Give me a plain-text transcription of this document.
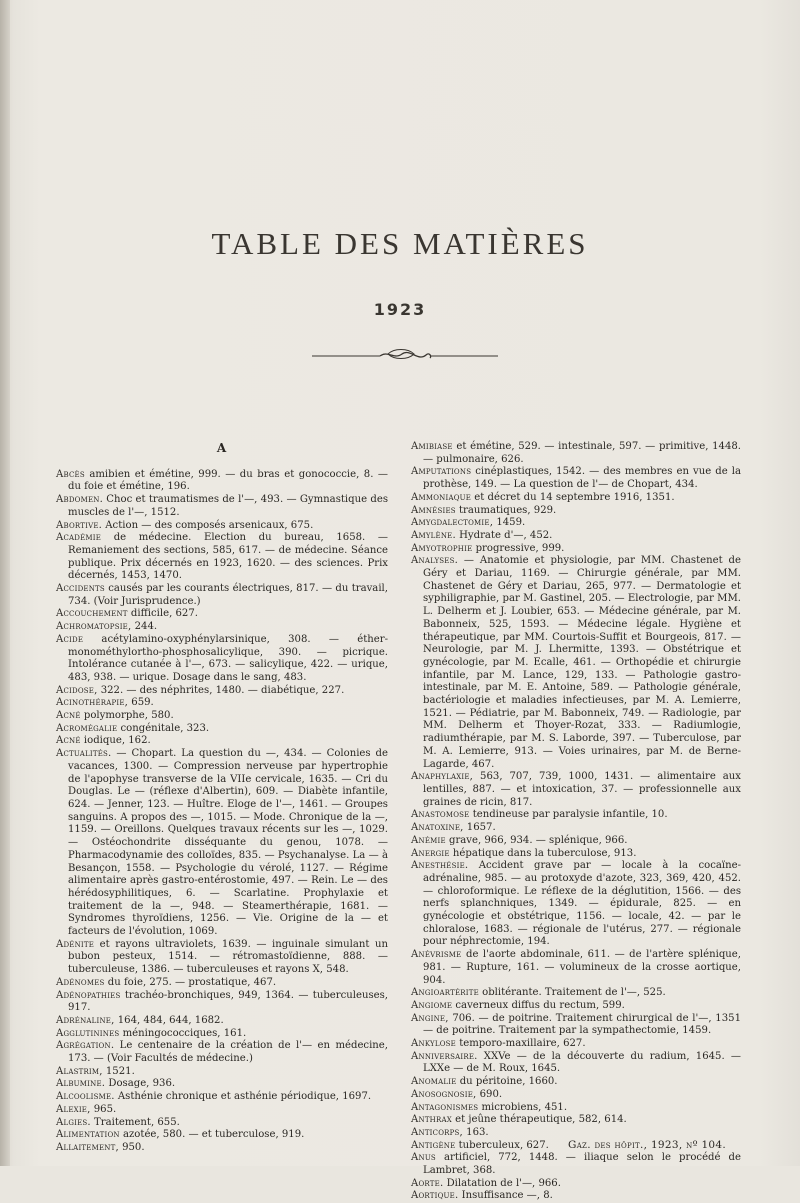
TABLE DES MATIÈRES
1923
A

Abcès amibien et émétine, 999. — du bras et gonococcie, 8. — du foie et émétine, 196.

Abdomen. Choc et traumatismes de l'—, 493. — Gymnastique des muscles de l'—, 1512.

Abortive. Action — des composés arsenicaux, 675.

Académie de médecine. Election du bureau, 1658. — Remaniement des sections, 585, 617. — de médecine. Séance publique. Prix décernés en 1923, 1620. — des sciences. Prix décernés, 1453, 1470.

Accidents causés par les courants électriques, 817. — du travail, 734. (Voir Jurisprudence.)

Accouchement difficile, 627.

Achromatopsie, 244.

Acide acétylamino-oxyphénylarsinique, 308. — éther-monométhylortho-phosphosalicylique, 390. — picrique. Intolérance cutanée à l'—, 673. — salicylique, 422. — urique, 483, 938. — urique. Dosage dans le sang, 483.

Acidose, 322. — des néphrites, 1480. — diabétique, 227.

Acinothérapie, 659.

Acné polymorphe, 580.

Acromégalie congénitale, 323.

Acné iodique, 162.

Actualités. — Chopart. La question du —, 434. — Colonies de vacances, 1300. — Compression nerveuse par hypertrophie de l'apophyse transverse de la VIIe cervicale, 1635. — Cri du Douglas. Le — (réflexe d'Albertin), 609. — Diabète infantile, 624. — Jenner, 123. — Huître. Eloge de l'—, 1461. — Groupes sanguins. A propos des —, 1015. — Mode. Chronique de la —, 1159. — Oreillons. Quelques travaux récents sur les —, 1029. — Ostéochondrite disséquante du genou, 1078. — Pharmacodynamie des colloïdes, 835. — Psychanalyse. La — à Besançon, 1558. — Psychologie du vérolé, 1127. — Régime alimentaire après gastro-entérostomie, 497. — Rein. Le — des hérédosyphilitiques, 6. — Scarlatine. Prophylaxie et traitement de la —, 948. — Steamerthérapie, 1681. — Syndromes thyroïdiens, 1256. — Vie. Origine de la — et facteurs de l'évolution, 1069.

Adénite et rayons ultraviolets, 1639. — inguinale simulant un bubon pesteux, 1514. — rétromastoïdienne, 888. — tuberculeuse, 1386. — tuberculeuses et rayons X, 548.

Adénomes du foie, 275. — prostatique, 467.

Adénopathies trachéo-bronchiques, 949, 1364. — tuberculeuses, 917.

Adrénaline, 164, 484, 644, 1682.

Agglutinines méningococciques, 161.

Agrégation. Le centenaire de la création de l'— en médecine, 173. — (Voir Facultés de médecine.)

Alastrim, 1521.

Albumine. Dosage, 936.

Alcoolisme. Asthénie chronique et asthénie périodique, 1697.

Alexie, 965.

Algies. Traitement, 655.

Alimentation azotée, 580. — et tuberculose, 919.

Allaitement, 950.

Amibiase et émétine, 529. — intestinale, 597. — primitive, 1448. — pulmonaire, 626.

Amputations cinéplastiques, 1542. — des membres en vue de la prothèse, 149. — La question de l'— de Chopart, 434.

Ammoniaque et décret du 14 septembre 1916, 1351.

Amnésies traumatiques, 929.

Amygdalectomie, 1459.

Amylène. Hydrate d'—, 452.

Amyotrophie progressive, 999.

Analyses. — Anatomie et physiologie, par MM. Chastenet de Géry et Dariau, 1169. — Chirurgie générale, par MM. Chastenet de Géry et Dariau, 265, 977. — Dermatologie et syphiligraphie, par M. Gastinel, 205. — Electrologie, par MM. L. Delherm et J. Loubier, 653. — Médecine générale, par M. Babonneix, 525, 1593. — Médecine légale. Hygiène et thérapeutique, par MM. Courtois-Suffit et Bourgeois, 817. — Neurologie, par M. J. Lhermitte, 1393. — Obstétrique et gynécologie, par M. Ecalle, 461. — Orthopédie et chirurgie infantile, par M. Lance, 129, 133. — Pathologie gastro-intestinale, par M. E. Antoine, 589. — Pathologie générale, bactériologie et maladies infectieuses, par M. A. Lemierre, 1521. — Pédiatrie, par M. Babonneix, 749. — Radiologie, par MM. Delherm et Thoyer-Rozat, 333. — Radiumlogie, radiumthérapie, par M. S. Laborde, 397. — Tuberculose, par M. A. Lemierre, 913. — Voies urinaires, par M. de Berne-Lagarde, 467.

Anaphylaxie, 563, 707, 739, 1000, 1431. — alimentaire aux lentilles, 887. — et intoxication, 37. — professionnelle aux graines de ricin, 817.

Anastomose tendineuse par paralysie infantile, 10.

Anatoxine, 1657.

Anémie grave, 966, 934. — splénique, 966.

Anergie hépatique dans la tuberculose, 913.

Anesthésie. Accident grave par — locale à la cocaïne-adrénaline, 985. — au protoxyde d'azote, 323, 369, 420, 452. — chloroformique. Le réflexe de la déglutition, 1566. — des nerfs splanchniques, 1349. — épidurale, 825. — en gynécologie et obstétrique, 1156. — locale, 42. — par le chloralose, 1683. — régionale de l'utérus, 277. — régionale pour néphrectomie, 194.

Anévrisme de l'aorte abdominale, 611. — de l'artère splénique, 981. — Rupture, 161. — volumineux de la crosse aortique, 904.

Angioartérite oblitérante. Traitement de l'—, 525.

Angiome caverneux diffus du rectum, 599.

Angine, 706. — de poitrine. Traitement chirurgical de l'—, 1351 — de poitrine. Traitement par la sympathectomie, 1459.

Ankylose temporo-maxillaire, 627.

Anniversaire. XXVe — de la découverte du radium, 1645. — LXXe — de M. Roux, 1645.

Anomalie du péritoine, 1660.

Anosognosie, 690.

Antagonismes microbiens, 451.

Anthrax et jeûne thérapeutique, 582, 614.

Anticorps, 163.

Antigène tuberculeux, 627.

Anus artificiel, 772, 1448. — iliaque selon le procédé de Lambret, 368.

Aorte. Dilatation de l'—, 966.

Aortique. Insuffisance —, 8.

Gaz. des hôpit., 1923, nº 104.
